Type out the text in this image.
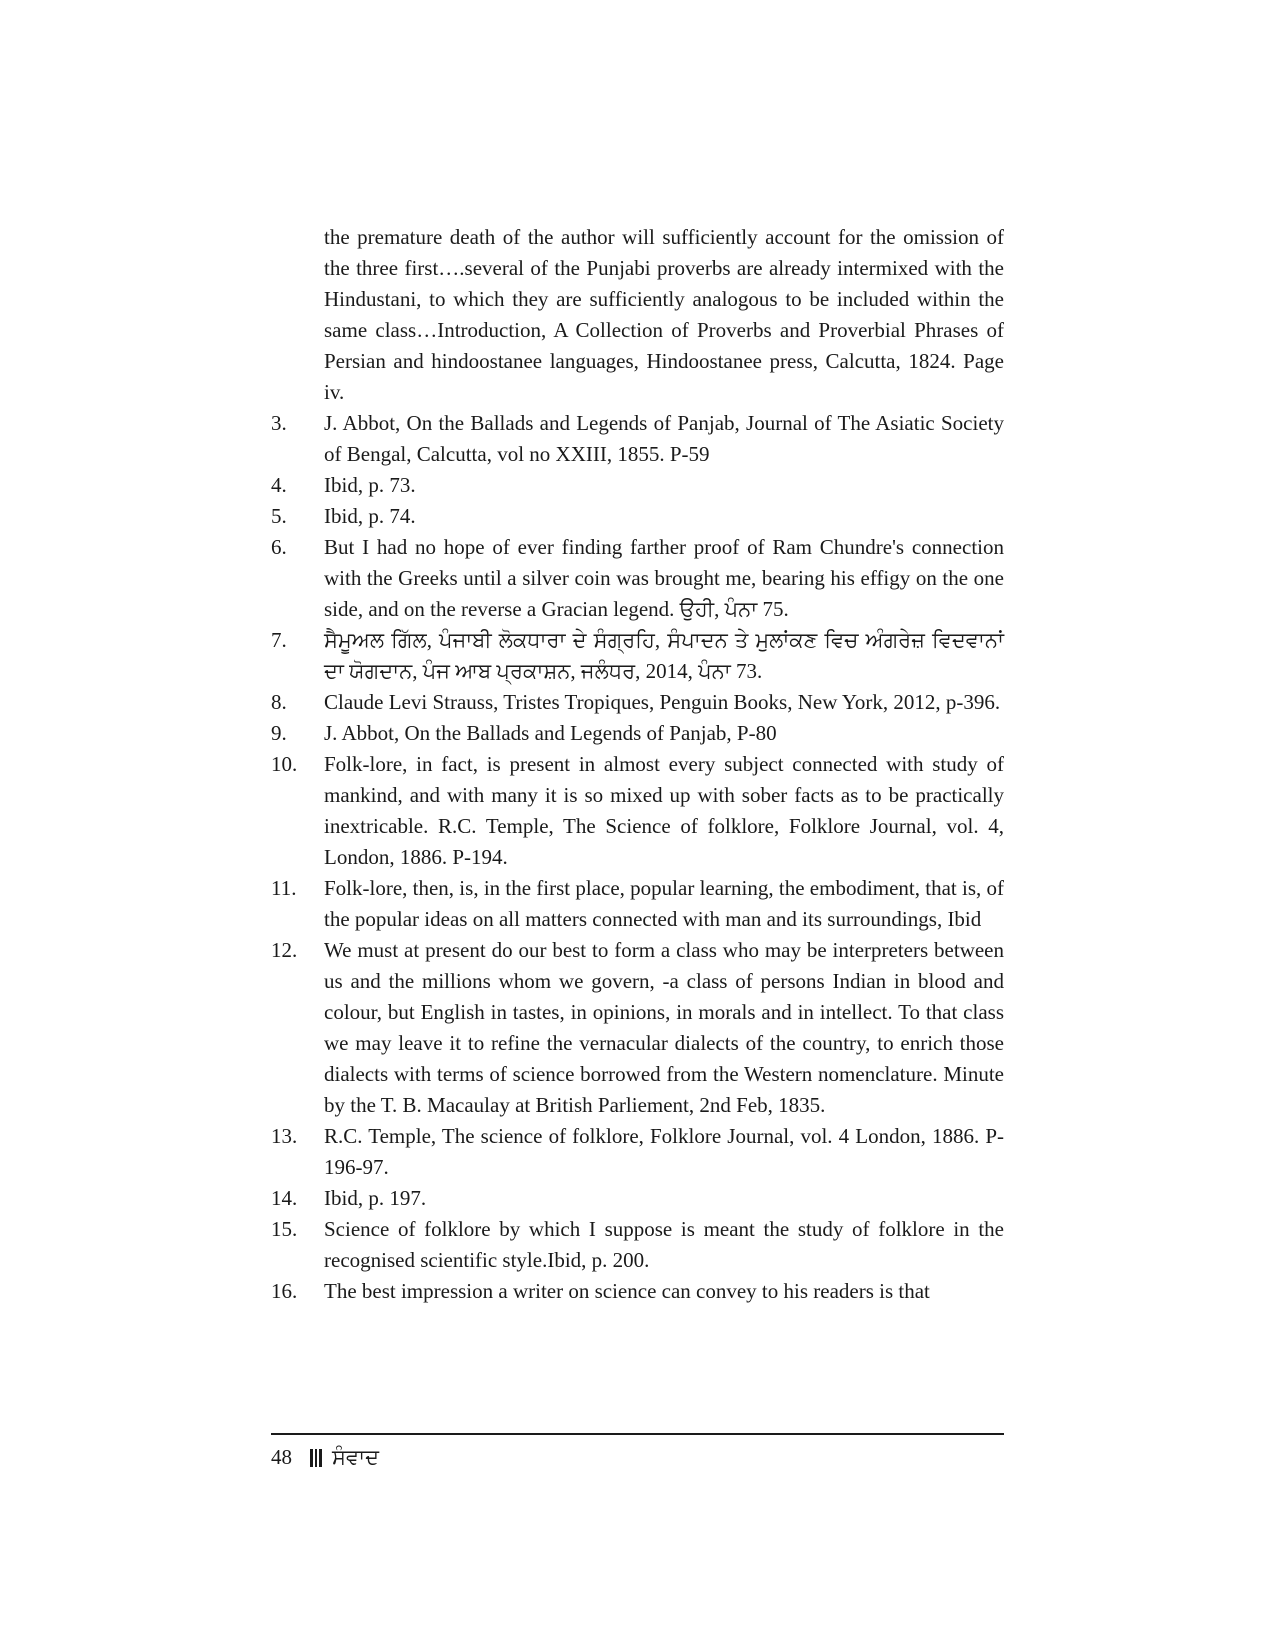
the premature death of the author will sufficiently account for the omission of the three first….several of the Punjabi proverbs are already intermixed with the Hindustani, to which they are sufficiently analogous to be included within the same class…Introduction, A Collection of Proverbs and Proverbial Phrases of Persian and hindoostanee languages, Hindoostanee press, Calcutta, 1824. Page iv.
3.	J. Abbot, On the Ballads and Legends of Panjab, Journal of The Asiatic Society of Bengal, Calcutta, vol no XXIII, 1855. P-59
4.	Ibid, p. 73.
5.	Ibid, p. 74.
6.	But I had no hope of ever finding farther proof of Ram Chundre's connection with the Greeks until a silver coin was brought me, bearing his effigy on the one side, and on the reverse a Gracian legend. ਉਹੀ, ਪੰਨਾ 75.
7.	ਸੈਮੂਅਲ ਗਿੱਲ, ਪੰਜਾਬੀ ਲੋਕਧਾਰਾ ਦੇ ਸੰਗ੍ਰਹਿ, ਸੰਪਾਦਨ ਤੇ ਮੁਲਾਂਕਣ ਵਿਚ ਅੰਗਰੇਜ਼ ਵਿਦਵਾਨਾਂ ਦਾ ਯੋਗਦਾਨ, ਪੰਜ ਆਬ ਪ੍ਰਕਾਸ਼ਨ, ਜਲੰਧਰ, 2014, ਪੰਨਾ 73.
8.	Claude Levi Strauss, Tristes Tropiques, Penguin Books, New York, 2012, p-396.
9.	J. Abbot, On the Ballads and Legends of Panjab, P-80
10.	Folk-lore, in fact, is present in almost every subject connected with study of mankind, and with many it is so mixed up with sober facts as to be practically inextricable. R.C. Temple, The Science of folklore, Folklore Journal, vol. 4, London, 1886. P-194.
11.	Folk-lore, then, is, in the first place, popular learning, the embodiment, that is, of the popular ideas on all matters connected with man and its surroundings, Ibid
12.	We must at present do our best to form a class who may be interpreters between us and the millions whom we govern, -a class of persons Indian in blood and colour, but English in tastes, in opinions, in morals and in intellect. To that class we may leave it to refine the vernacular dialects of the country, to enrich those dialects with terms of science borrowed from the Western nomenclature. Minute by the T. B. Macaulay at British Parliement, 2nd Feb, 1835.
13.	R.C. Temple, The science of folklore, Folklore Journal, vol. 4 London, 1886. P-196-97.
14.	Ibid, p. 197.
15.	Science of folklore by which I suppose is meant the study of folklore in the recognised scientific style.Ibid, p. 200.
16.	The best impression a writer on science can convey to his readers is that
48 ਸੰਵਾਦ
